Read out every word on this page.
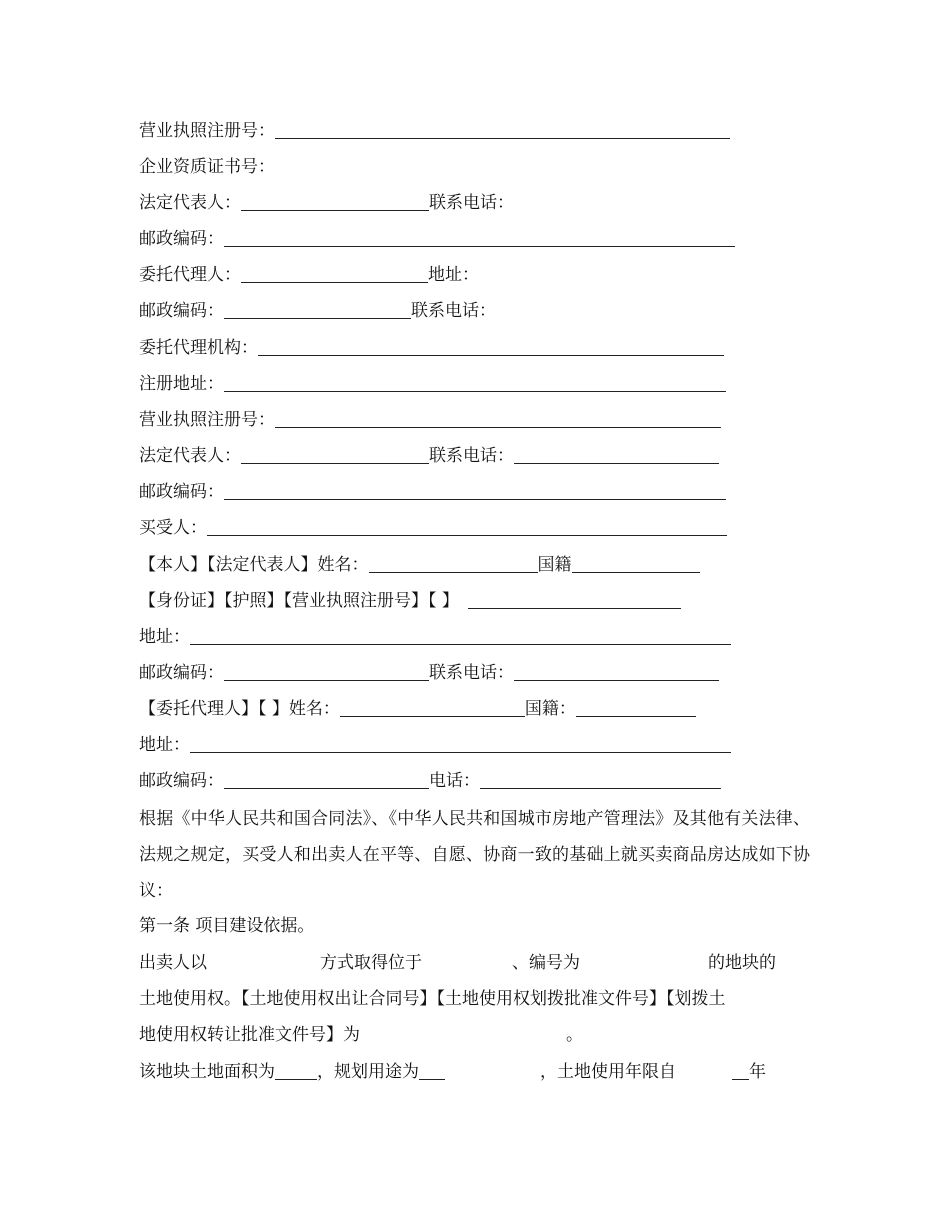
营业执照注册号：
企业资质证书号：
法定代表人：	联系电话：
邮政编码：
委托代理人：	地址：
邮政编码：	联系电话：
委托代理机构：
注册地址：
营业执照注册号：
法定代表人：	联系电话：
邮政编码：
买受人：
【本人】【法定代表人】姓名：	国籍
【身份证】【护照】【营业执照注册号】【 】
地址：
邮政编码：	联系电话：
【委托代理人】【 】姓名：	国籍：
地址：
邮政编码：	电话：
根据《中华人民共和国合同法》、《中华人民共和国城市房地产管理法》及其他有关法律、法规之规定，买受人和出卖人在平等、自愿、协商一致的基础上就买卖商品房达成如下协议：
第一条 项目建设依据。
出卖人以	方式取得位于	、编号为	的地块的
土地使用权。【土地使用权出让合同号】【土地使用权划拨批准文件号】【划拨土
地使用权转让批准文件号】为	。
该地块土地面积为 ，规划用途为	，土地使用年限自	年
